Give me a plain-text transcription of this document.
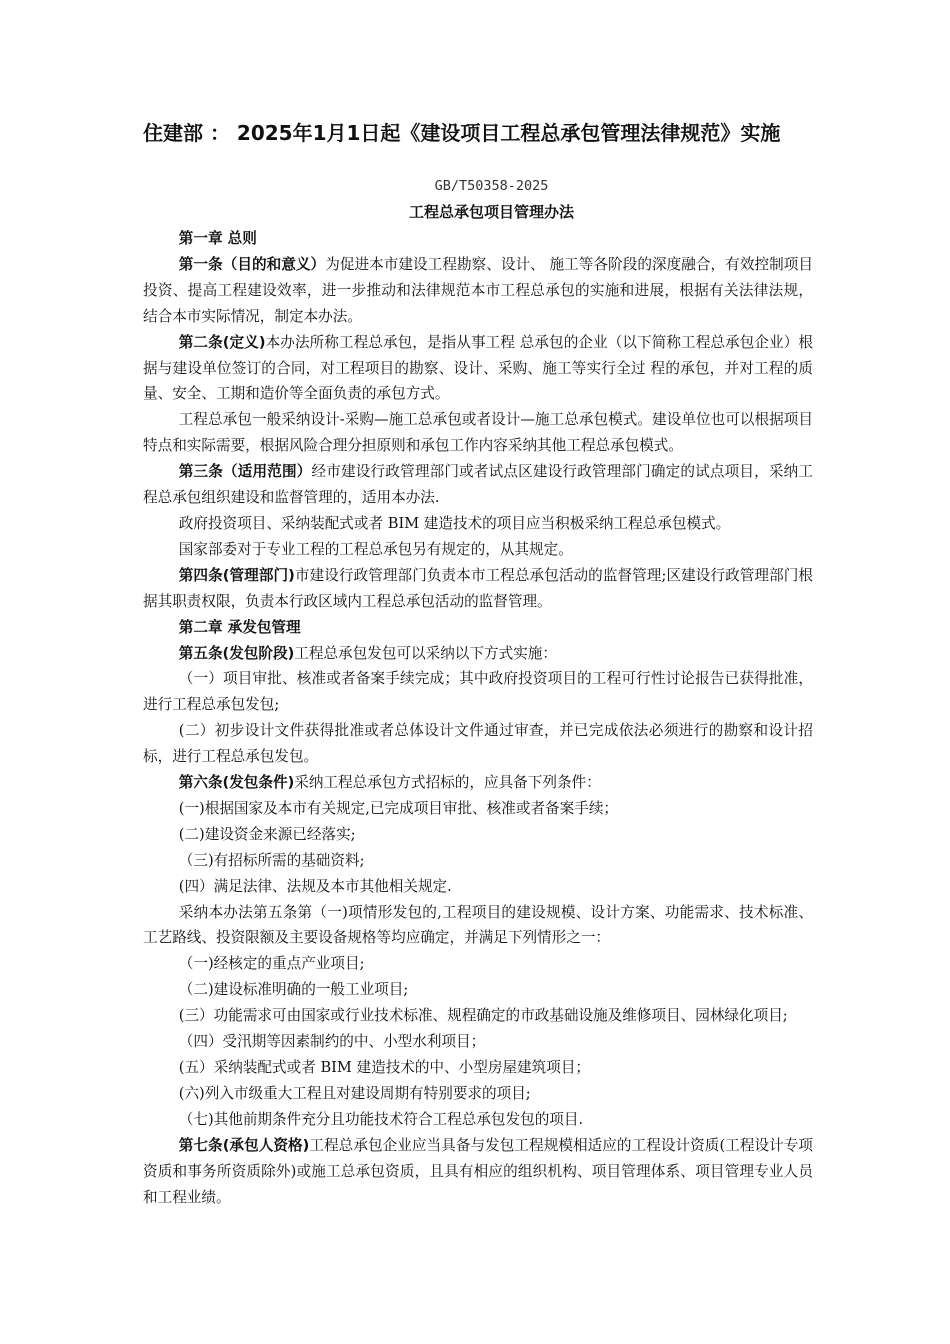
住建部 ： 2025年1月1日起《建设项目工程总承包管理法律规范》实施
GB/T50358-2025
工程总承包项目管理办法

第一章 总则

第一条（目的和意义）为促进本市建设工程勘察、设计、 施工等各阶段的深度融合，有效控制项目投资、提高工程建设效率，进一步推动和法律规范本市工程总承包的实施和进展，根据有关法律法规，结合本市实际情况，制定本办法。

第二条(定义)本办法所称工程总承包，是指从事工程 总承包的企业（以下简称工程总承包企业）根据与建设单位签订的合同，对工程项目的勘察、设计、采购、施工等实行全过 程的承包，并对工程的质量、安全、工期和造价等全面负责的承包方式。

工程总承包一般采纳设计-采购—施工总承包或者设计—施工总承包模式。建设单位也可以根据项目特点和实际需要，根据风险合理分担原则和承包工作内容采纳其他工程总承包模式。

第三条（适用范围）经市建设行政管理部门或者试点区建设行政管理部门确定的试点项目，采纳工程总承包组织建设和监督管理的，适用本办法.

政府投资项目、采纳装配式或者 BIM 建造技术的项目应当积极采纳工程总承包模式。

国家部委对于专业工程的工程总承包另有规定的，从其规定。

第四条(管理部门)市建设行政管理部门负责本市工程总承包活动的监督管理;区建设行政管理部门根据其职责权限，负责本行政区域内工程总承包活动的监督管理。

第二章 承发包管理

第五条(发包阶段)工程总承包发包可以采纳以下方式实施：

（一）项目审批、核准或者备案手续完成；其中政府投资项目的工程可行性讨论报告已获得批准，进行工程总承包发包;

(二）初步设计文件获得批准或者总体设计文件通过审查，并已完成依法必须进行的勘察和设计招标，进行工程总承包发包。

第六条(发包条件)采纳工程总承包方式招标的，应具备下列条件：

(一)根据国家及本市有关规定,已完成项目审批、核准或者备案手续；

(二)建设资金来源已经落实;

（三)有招标所需的基础资料;

(四）满足法律、法规及本市其他相关规定.

采纳本办法第五条第（一)项情形发包的,工程项目的建设规模、设计方案、功能需求、技术标准、工艺路线、投资限额及主要设备规格等均应确定，并满足下列情形之一：

（一)经核定的重点产业项目;

（二)建设标准明确的一般工业项目;

(三）功能需求可由国家或行业技术标准、规程确定的市政基础设施及维修项目、园林绿化项目;

（四）受汛期等因素制约的中、小型水利项目；

(五）采纳装配式或者 BIM 建造技术的中、小型房屋建筑项目；

(六)列入市级重大工程且对建设周期有特别要求的项目;

（七)其他前期条件充分且功能技术符合工程总承包发包的项目.

第七条(承包人资格)工程总承包企业应当具备与发包工程规模相适应的工程设计资质(工程设计专项资质和事务所资质除外)或施工总承包资质，且具有相应的组织机构、项目管理体系、项目管理专业人员和工程业绩。
